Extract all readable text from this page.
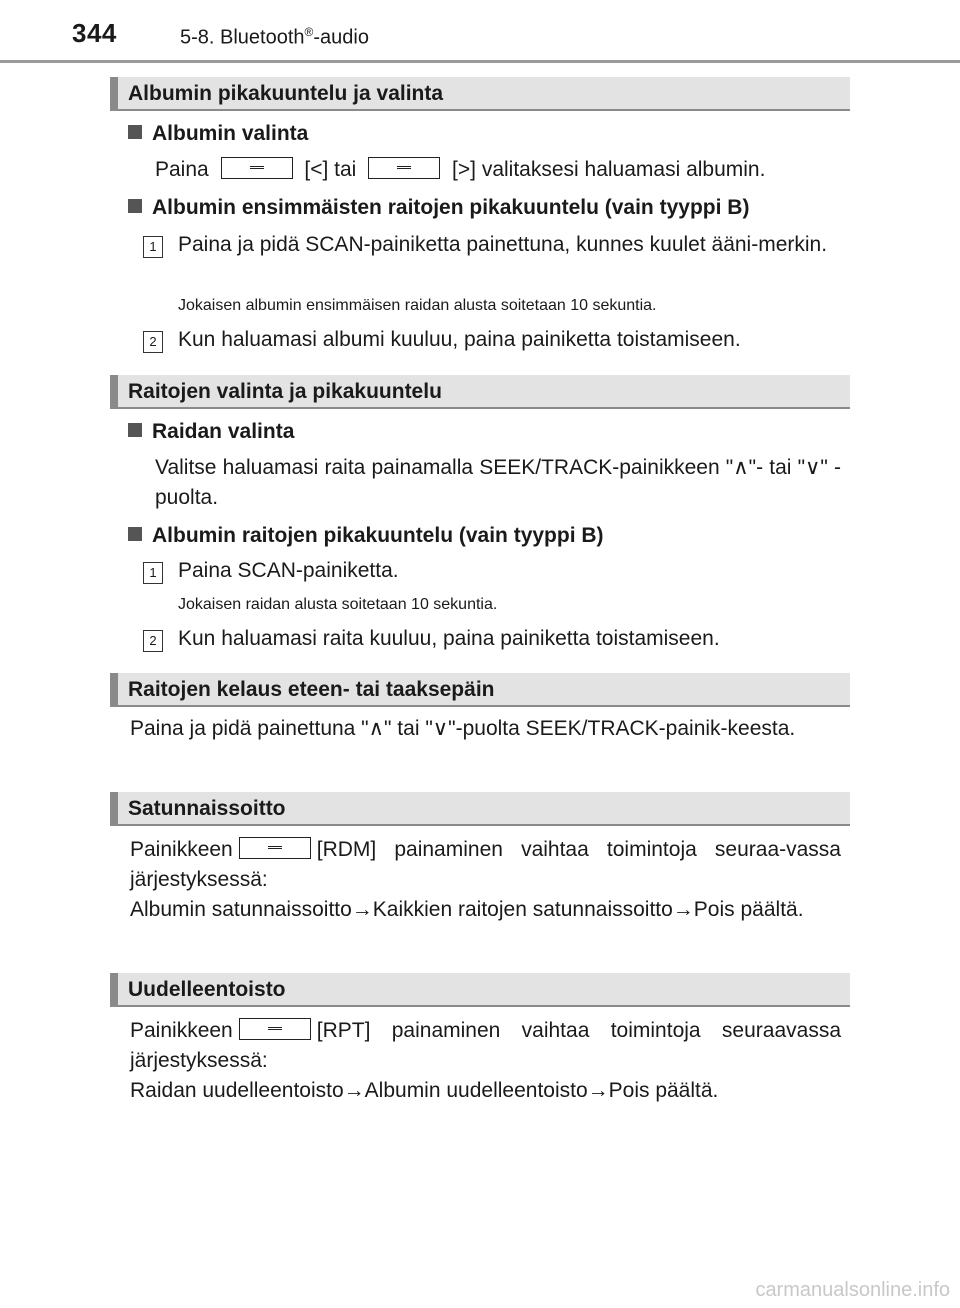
344	5-8. Bluetooth®-audio
Albumin pikakuuntelu ja valinta
Albumin valinta
Paina	[<] tai	[>] valitaksesi haluamasi albumin.
Albumin ensimmäisten raitojen pikakuuntelu (vain tyyppi B)
1	Paina ja pidä SCAN-painiketta painettuna, kunnes kuulet ääni-merkin.
Jokaisen albumin ensimmäisen raidan alusta soitetaan 10 sekuntia.
2	Kun haluamasi albumi kuuluu, paina painiketta toistamiseen.
Raitojen valinta ja pikakuuntelu
Raidan valinta
Valitse haluamasi raita painamalla SEEK/TRACK-painikkeen "∧"- tai "∨" -puolta.
Albumin raitojen pikakuuntelu (vain tyyppi B)
1	Paina SCAN-painiketta.
Jokaisen raidan alusta soitetaan 10 sekuntia.
2	Kun haluamasi raita kuuluu, paina painiketta toistamiseen.
Raitojen kelaus eteen- tai taaksepäin
Paina ja pidä painettuna "∧" tai "∨"-puolta SEEK/TRACK-painik-keesta.
Satunnaissoitto
Painikkeen	[RDM] painaminen vaihtaa toimintoja seuraa-vassa järjestyksessä:
Albumin satunnaissoitto→Kaikkien raitojen satunnaissoitto→Pois päältä.
Uudelleentoisto
Painikkeen	[RPT] painaminen vaihtaa toimintoja seuraavassa järjestyksessä:
Raidan uudelleentoisto→Albumin uudelleentoisto→Pois päältä.
carmanualsonline.info
